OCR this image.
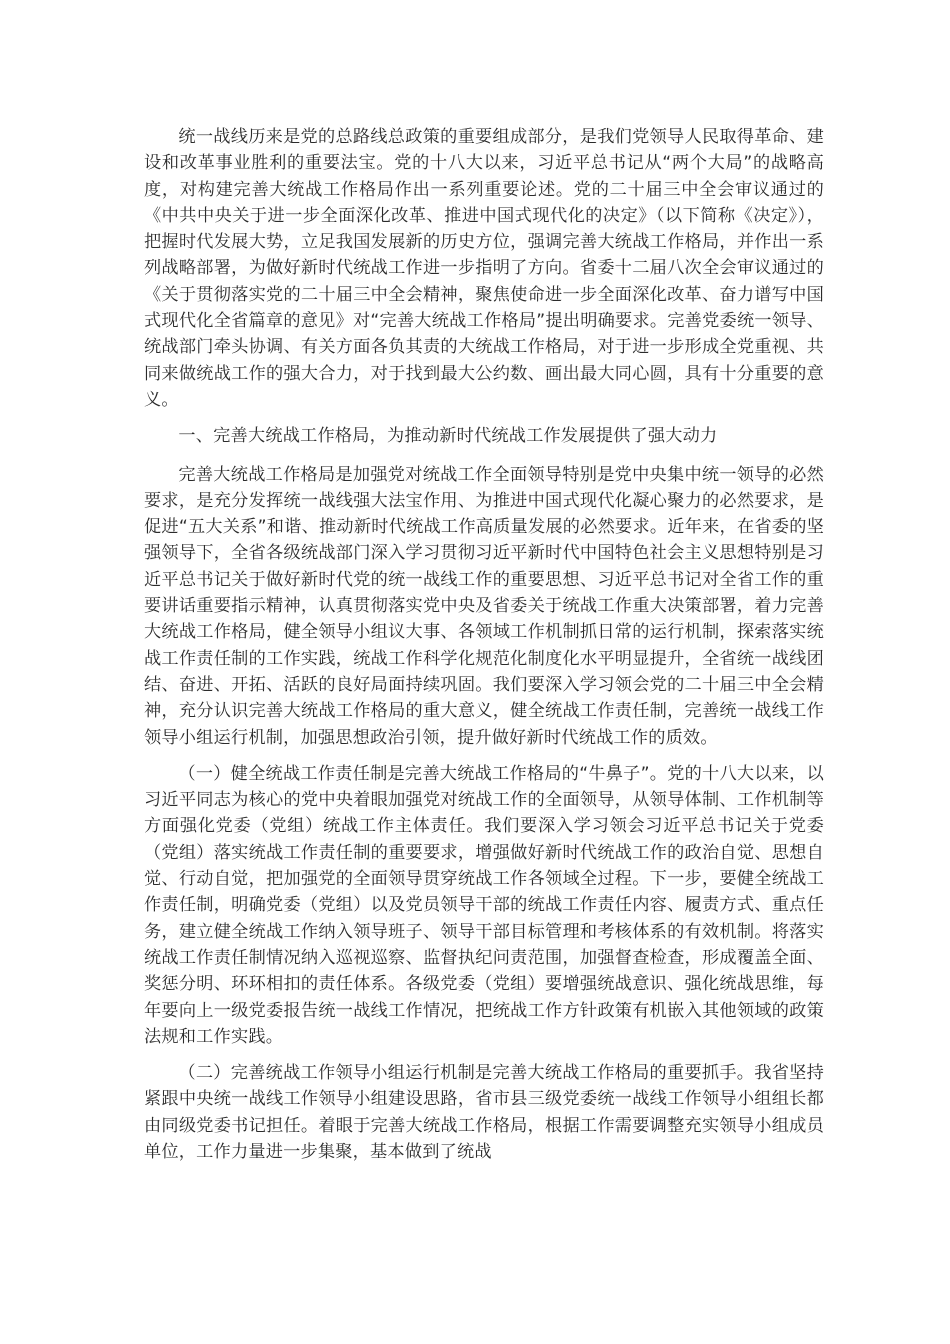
统一战线历来是党的总路线总政策的重要组成部分，是我们党领导人民取得革命、建设和改革事业胜利的重要法宝。党的十八大以来，习近平总书记从“两个大局”的战略高度，对构建完善大统战工作格局作出一系列重要论述。党的二十届三中全会审议通过的《中共中央关于进一步全面深化改革、推进中国式现代化的决定》（以下简称《决定》），把握时代发展大势，立足我国发展新的历史方位，强调完善大统战工作格局，并作出一系列战略部署，为做好新时代统战工作进一步指明了方向。省委十二届八次全会审议通过的《关于贯彻落实党的二十届三中全会精神，聚焦使命进一步全面深化改革、奋力谱写中国式现代化全省篇章的意见》对“完善大统战工作格局”提出明确要求。完善党委统一领导、统战部门牵头协调、有关方面各负其责的大统战工作格局，对于进一步形成全党重视、共同来做统战工作的强大合力，对于找到最大公约数、画出最大同心圆，具有十分重要的意义。

一、完善大统战工作格局，为推动新时代统战工作发展提供了强大动力

完善大统战工作格局是加强党对统战工作全面领导特别是党中央集中统一领导的必然要求，是充分发挥统一战线强大法宝作用、为推进中国式现代化凝心聚力的必然要求，是促进“五大关系”和谐、推动新时代统战工作高质量发展的必然要求。近年来，在省委的坚强领导下，全省各级统战部门深入学习贯彻习近平新时代中国特色社会主义思想特别是习近平总书记关于做好新时代党的统一战线工作的重要思想、习近平总书记对全省工作的重要讲话重要指示精神，认真贯彻落实党中央及省委关于统战工作重大决策部署，着力完善大统战工作格局，健全领导小组议大事、各领域工作机制抓日常的运行机制，探索落实统战工作责任制的工作实践，统战工作科学化规范化制度化水平明显提升，全省统一战线团结、奋进、开拓、活跃的良好局面持续巩固。我们要深入学习领会党的二十届三中全会精神，充分认识完善大统战工作格局的重大意义，健全统战工作责任制，完善统一战线工作领导小组运行机制，加强思想政治引领，提升做好新时代统战工作的质效。

（一）健全统战工作责任制是完善大统战工作格局的“牛鼻子”。党的十八大以来，以习近平同志为核心的党中央着眼加强党对统战工作的全面领导，从领导体制、工作机制等方面强化党委（党组）统战工作主体责任。我们要深入学习领会习近平总书记关于党委（党组）落实统战工作责任制的重要要求，增强做好新时代统战工作的政治自觉、思想自觉、行动自觉，把加强党的全面领导贯穿统战工作各领域全过程。下一步，要健全统战工作责任制，明确党委（党组）以及党员领导干部的统战工作责任内容、履责方式、重点任务，建立健全统战工作纳入领导班子、领导干部目标管理和考核体系的有效机制。将落实统战工作责任制情况纳入巡视巡察、监督执纪问责范围，加强督查检查，形成覆盖全面、奖惩分明、环环相扣的责任体系。各级党委（党组）要增强统战意识、强化统战思维，每年要向上一级党委报告统一战线工作情况，把统战工作方针政策有机嵌入其他领域的政策法规和工作实践。

（二）完善统战工作领导小组运行机制是完善大统战工作格局的重要抓手。我省坚持紧跟中央统一战线工作领导小组建设思路，省市县三级党委统一战线工作领导小组组长都由同级党委书记担任。着眼于完善大统战工作格局，根据工作需要调整充实领导小组成员单位，工作力量进一步集聚，基本做到了统战
